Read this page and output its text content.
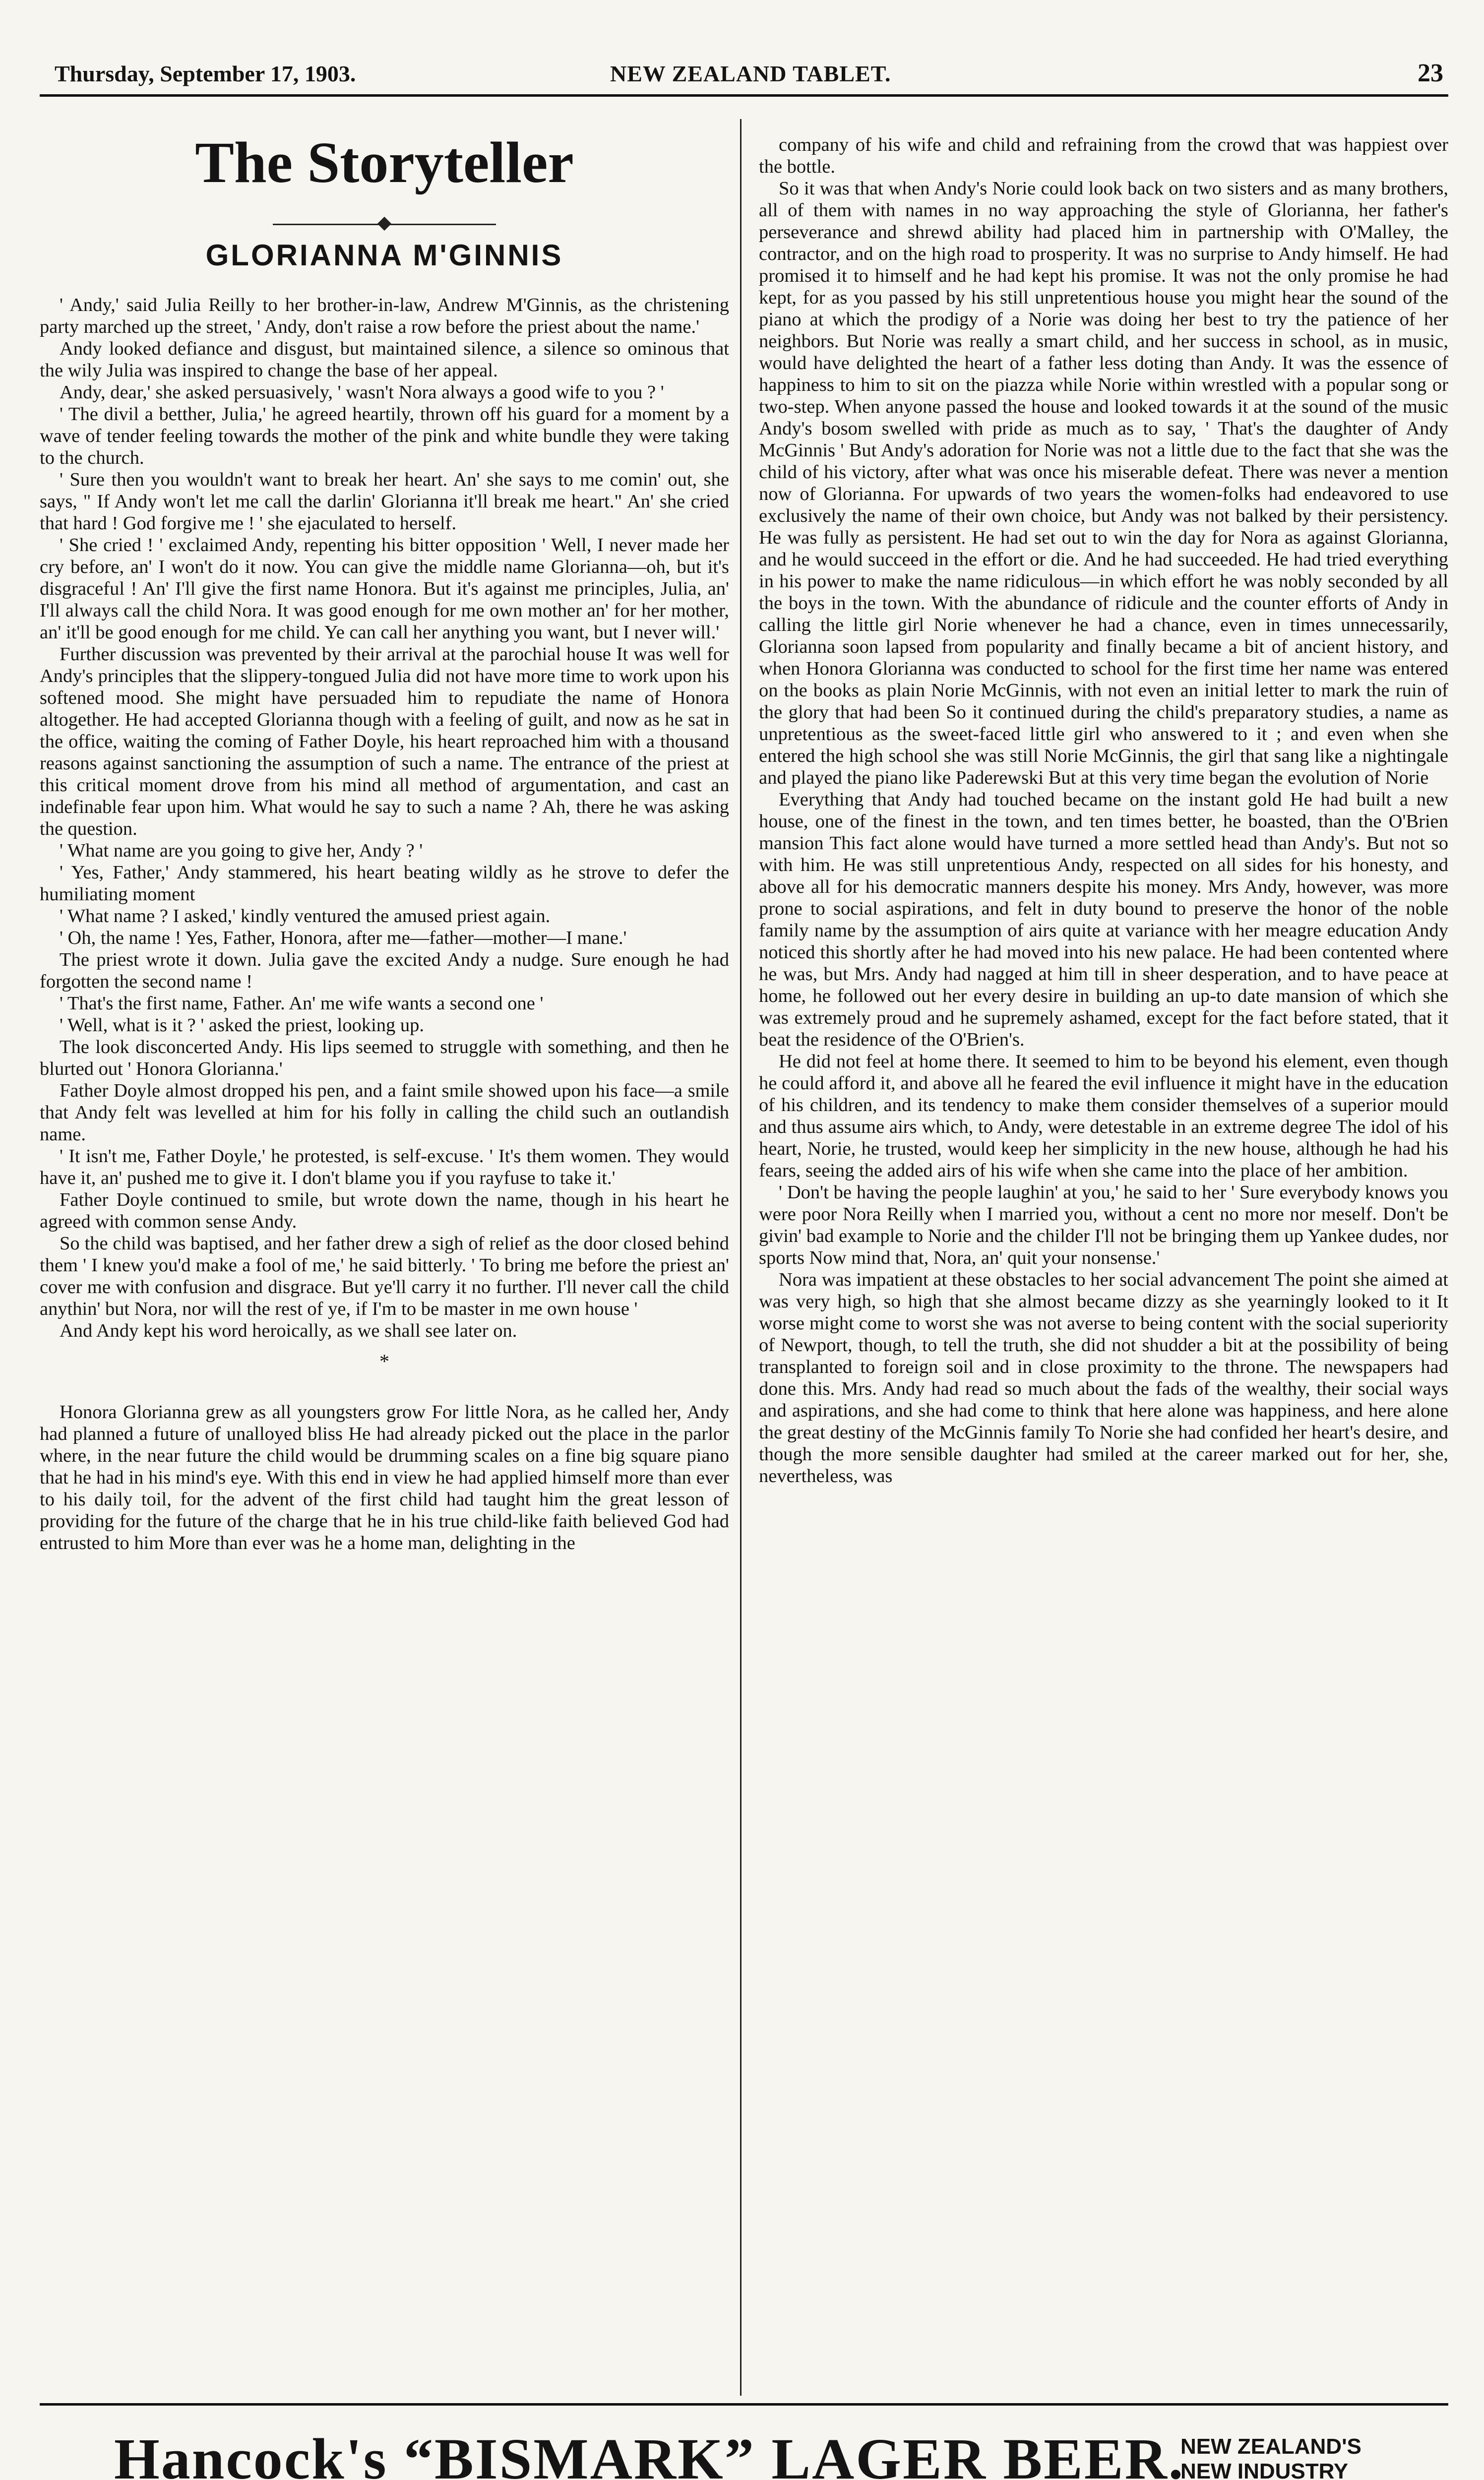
Thursday, September 17, 1903.	NEW ZEALAND TABLET.	23
The Storyteller
GLORIANNA M'GINNIS

' Andy,' said Julia Reilly to her brother-in-law, Andrew M'Ginnis, as the christening party marched up the street, ' Andy, don't raise a row before the priest about the name.'

Andy looked defiance and disgust, but maintained silence, a silence so ominous that the wily Julia was inspired to change the base of her appeal.

Andy, dear,' she asked persuasively, ' wasn't Nora always a good wife to you ? '

' The divil a betther, Julia,' he agreed heartily, thrown off his guard for a moment by a wave of tender feeling towards the mother of the pink and white bundle they were taking to the church.

' Sure then you wouldn't want to break her heart. An' she says to me comin' out, she says, " If Andy won't let me call the darlin' Glorianna it'll break me heart." An' she cried that hard ! God forgive me ! ' she ejaculated to herself.

' She cried ! ' exclaimed Andy, repenting his bitter opposition ' Well, I never made her cry before, an' I won't do it now. You can give the middle name Glorianna—oh, but it's disgraceful ! An' I'll give the first name Honora. But it's against me principles, Julia, an' I'll always call the child Nora. It was good enough for me own mother an' for her mother, an' it'll be good enough for me child. Ye can call her anything you want, but I never will.'

Further discussion was prevented by their arrival at the parochial house It was well for Andy's principles that the slippery-tongued Julia did not have more time to work upon his softened mood. She might have persuaded him to repudiate the name of Honora altogether. He had accepted Glorianna though with a feeling of guilt, and now as he sat in the office, waiting the coming of Father Doyle, his heart reproached him with a thousand reasons against sanctioning the assumption of such a name. The entrance of the priest at this critical moment drove from his mind all method of argumentation, and cast an indefinable fear upon him. What would he say to such a name ? Ah, there he was asking the question.

' What name are you going to give her, Andy ? '

' Yes, Father,' Andy stammered, his heart beating wildly as he strove to defer the humiliating moment

' What name ? I asked,' kindly ventured the amused priest again.

' Oh, the name ! Yes, Father, Honora, after me—father—mother—I mane.'

The priest wrote it down. Julia gave the excited Andy a nudge. Sure enough he had forgotten the second name !

' That's the first name, Father. An' me wife wants a second one '

' Well, what is it ? ' asked the priest, looking up.

The look disconcerted Andy. His lips seemed to struggle with something, and then he blurted out ' Honora Glorianna.'

Father Doyle almost dropped his pen, and a faint smile showed upon his face—a smile that Andy felt was levelled at him for his folly in calling the child such an outlandish name.

' It isn't me, Father Doyle,' he protested, is self-excuse. ' It's them women. They would have it, an' pushed me to give it. I don't blame you if you rayfuse to take it.'

Father Doyle continued to smile, but wrote down the name, though in his heart he agreed with common sense Andy.

So the child was baptised, and her father drew a sigh of relief as the door closed behind them ' I knew you'd make a fool of me,' he said bitterly. ' To bring me before the priest an' cover me with confusion and disgrace. But ye'll carry it no further. I'll never call the child anythin' but Nora, nor will the rest of ye, if I'm to be master in me own house '

And Andy kept his word heroically, as we shall see later on.

*

Honora Glorianna grew as all youngsters grow For little Nora, as he called her, Andy had planned a future of unalloyed bliss He had already picked out the place in the parlor where, in the near future the child would be drumming scales on a fine big square piano that he had in his mind's eye. With this end in view he had applied himself more than ever to his daily toil, for the advent of the first child had taught him the great lesson of providing for the future of the charge that he in his true child-like faith believed God had entrusted to him More than ever was he a home man, delighting in the

company of his wife and child and refraining from the crowd that was happiest over the bottle.

So it was that when Andy's Norie could look back on two sisters and as many brothers, all of them with names in no way approaching the style of Glorianna, her father's perseverance and shrewd ability had placed him in partnership with O'Malley, the contractor, and on the high road to prosperity. It was no surprise to Andy himself. He had promised it to himself and he had kept his promise. It was not the only promise he had kept, for as you passed by his still unpretentious house you might hear the sound of the piano at which the prodigy of a Norie was doing her best to try the patience of her neighbors. But Norie was really a smart child, and her success in school, as in music, would have delighted the heart of a father less doting than Andy. It was the essence of happiness to him to sit on the piazza while Norie within wrestled with a popular song or two-step. When anyone passed the house and looked towards it at the sound of the music Andy's bosom swelled with pride as much as to say, ' That's the daughter of Andy McGinnis ' But Andy's adoration for Norie was not a little due to the fact that she was the child of his victory, after what was once his miserable defeat. There was never a mention now of Glorianna. For upwards of two years the women-folks had endeavored to use exclusively the name of their own choice, but Andy was not balked by their persistency. He was fully as persistent. He had set out to win the day for Nora as against Glorianna, and he would succeed in the effort or die. And he had succeeded. He had tried everything in his power to make the name ridiculous—in which effort he was nobly seconded by all the boys in the town. With the abundance of ridicule and the counter efforts of Andy in calling the little girl Norie whenever he had a chance, even in times unnecessarily, Glorianna soon lapsed from popularity and finally became a bit of ancient history, and when Honora Glorianna was conducted to school for the first time her name was entered on the books as plain Norie McGinnis, with not even an initial letter to mark the ruin of the glory that had been So it continued during the child's preparatory studies, a name as unpretentious as the sweet-faced little girl who answered to it ; and even when she entered the high school she was still Norie McGinnis, the girl that sang like a nightingale and played the piano like Paderewski But at this very time began the evolution of Norie

Everything that Andy had touched became on the instant gold He had built a new house, one of the finest in the town, and ten times better, he boasted, than the O'Brien mansion This fact alone would have turned a more settled head than Andy's. But not so with him. He was still unpretentious Andy, respected on all sides for his honesty, and above all for his democratic manners despite his money. Mrs Andy, however, was more prone to social aspirations, and felt in duty bound to preserve the honor of the noble family name by the assumption of airs quite at variance with her meagre education Andy noticed this shortly after he had moved into his new palace. He had been contented where he was, but Mrs. Andy had nagged at him till in sheer desperation, and to have peace at home, he followed out her every desire in building an up-to date mansion of which she was extremely proud and he supremely ashamed, except for the fact before stated, that it beat the residence of the O'Brien's.

He did not feel at home there. It seemed to him to be beyond his element, even though he could afford it, and above all he feared the evil influence it might have in the education of his children, and its tendency to make them consider themselves of a superior mould and thus assume airs which, to Andy, were detestable in an extreme degree The idol of his heart, Norie, he trusted, would keep her simplicity in the new house, although he had his fears, seeing the added airs of his wife when she came into the place of her ambition.

' Don't be having the people laughin' at you,' he said to her ' Sure everybody knows you were poor Nora Reilly when I married you, without a cent no more nor meself. Don't be givin' bad example to Norie and the childer I'll not be bringing them up Yankee dudes, nor sports Now mind that, Nora, an' quit your nonsense.'

Nora was impatient at these obstacles to her social advancement The point she aimed at was very high, so high that she almost became dizzy as she yearningly looked to it It worse might come to worst she was not averse to being content with the social superiority of Newport, though, to tell the truth, she did not shudder a bit at the possibility of being transplanted to foreign soil and in close proximity to the throne. The newspapers had done this. Mrs. Andy had read so much about the fads of the wealthy, their social ways and aspirations, and she had come to think that here alone was happiness, and here alone the great destiny of the McGinnis family To Norie she had confided her heart's desire, and though the more sensible daughter had smiled at the career marked out for her, she, nevertheless, was

Hancock's “BISMARK” LAGER BEER.
NEW ZEALAND'S
NEW INDUSTRY
